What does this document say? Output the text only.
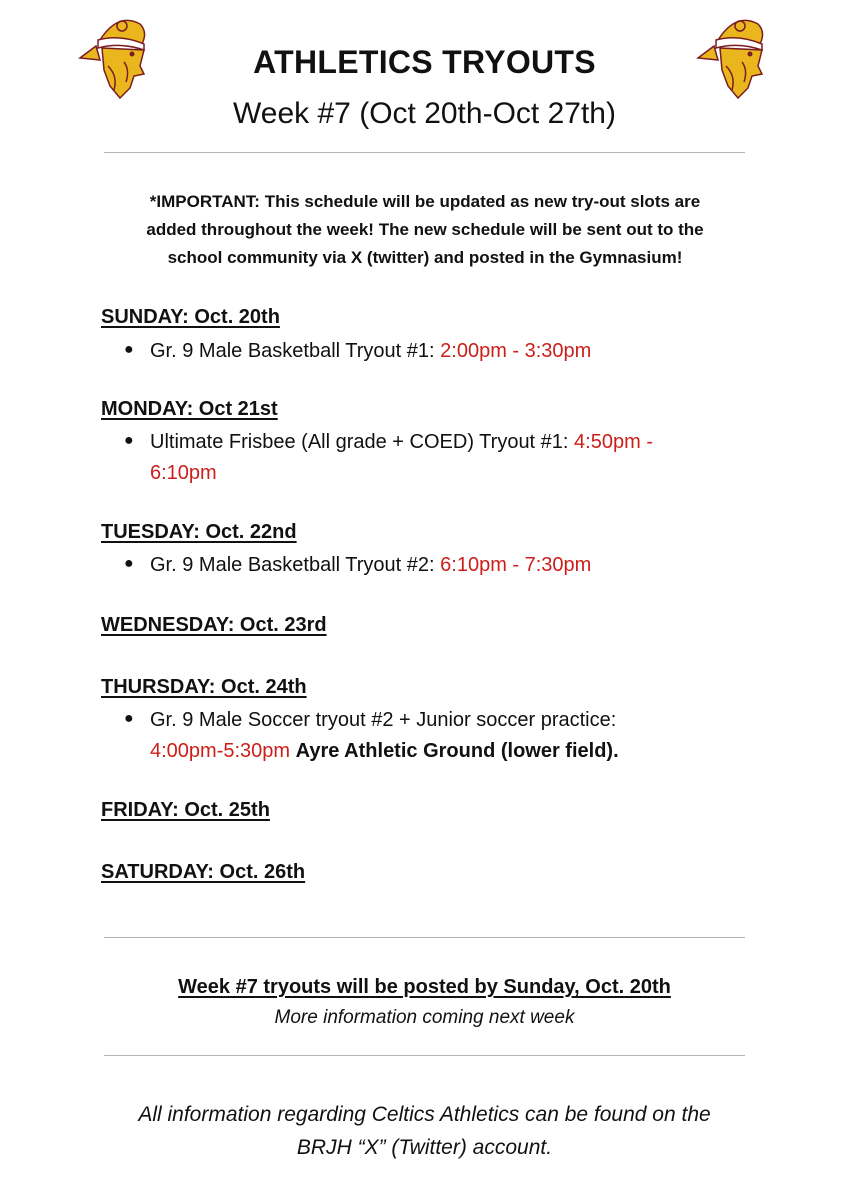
ATHLETICS TRYOUTS
Week #7 (Oct 20th-Oct 27th)
*IMPORTANT: This schedule will be updated as new try-out slots are
added throughout the week! The new schedule will be sent out to the
school community via X (twitter) and posted in the Gymnasium!
SUNDAY: Oct. 20th
● Gr. 9 Male Basketball Tryout #1: 2:00pm - 3:30pm
MONDAY: Oct 21st
● Ultimate Frisbee (All grade + COED) Tryout #1: 4:50pm -
6:10pm
TUESDAY: Oct. 22nd
● Gr. 9 Male Basketball Tryout #2: 6:10pm - 7:30pm
WEDNESDAY: Oct. 23rd
THURSDAY: Oct. 24th
● Gr. 9 Male Soccer tryout #2 + Junior soccer practice:
4:00pm-5:30pm Ayre Athletic Ground (lower field).
FRIDAY: Oct. 25th
SATURDAY: Oct. 26th
Week #7 tryouts will be posted by Sunday, Oct. 20th
More information coming next week
All information regarding Celtics Athletics can be found on the
BRJH “X” (Twitter) account.
